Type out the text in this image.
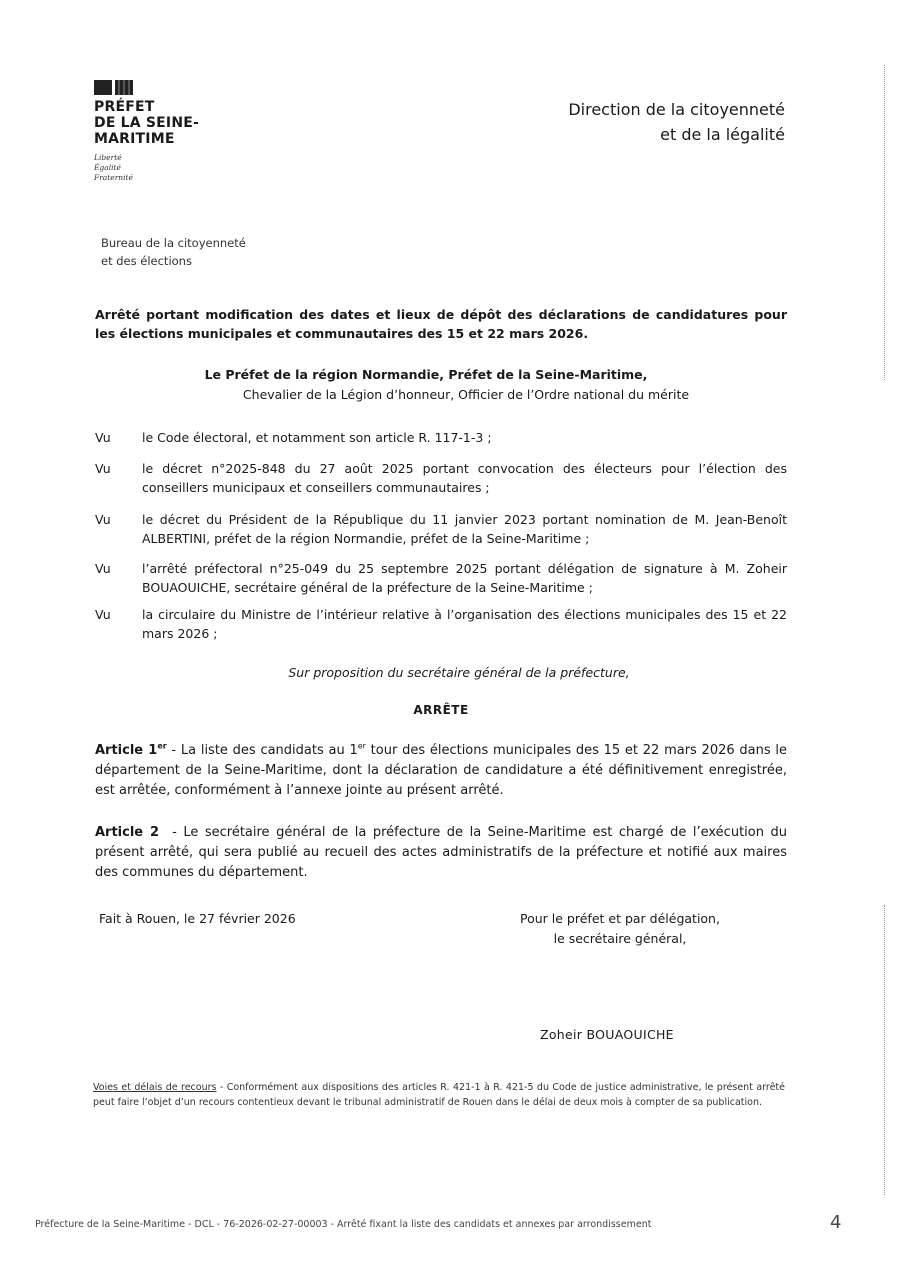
PRÉFET
DE LA SEINE-
MARITIME
Liberté
Égalité
Fraternité
Direction de la citoyenneté
et de la légalité
Bureau de la citoyenneté
et des élections
Arrêté portant modification des dates et lieux de dépôt des déclarations de candidatures pour les élections municipales et communautaires des 15 et 22 mars 2026.
Le Préfet de la région Normandie, Préfet de la Seine-Maritime,
Chevalier de la Légion d’honneur, Officier de l’Ordre national du mérite
Vu	le Code électoral, et notamment son article R. 117-1-3 ;
Vu	le décret n°2025-848 du 27 août 2025 portant convocation des électeurs pour l’élection des conseillers municipaux et conseillers communautaires ;
Vu	le décret du Président de la République du 11 janvier 2023 portant nomination de M. Jean-Benoît ALBERTINI, préfet de la région Normandie, préfet de la Seine-Maritime ;
Vu	l’arrêté préfectoral n°25-049 du 25 septembre 2025 portant délégation de signature à M. Zoheir BOUAOUICHE, secrétaire général de la préfecture de la Seine-Maritime ;
Vu	la circulaire du Ministre de l’intérieur relative à l’organisation des élections municipales des 15 et 22 mars 2026 ;
Sur proposition du secrétaire général de la préfecture,
ARRÊTE
Article 1er - La liste des candidats au 1er tour des élections municipales des 15 et 22 mars 2026 dans le département de la Seine-Maritime, dont la déclaration de candidature a été définitivement enregistrée, est arrêtée, conformément à l’annexe jointe au présent arrêté.
Article 2  - Le secrétaire général de la préfecture de la Seine-Maritime est chargé de l’exécution du présent arrêté, qui sera publié au recueil des actes administratifs de la préfecture et notifié aux maires des communes du département.
Fait à Rouen, le 27 février 2026	Pour le préfet et par délégation,
le secrétaire général,
Zoheir BOUAOUICHE
Voies et délais de recours - Conformément aux dispositions des articles R. 421-1 à R. 421-5 du Code de justice administrative, le présent arrêté peut faire l’objet d’un recours contentieux devant le tribunal administratif de Rouen dans le délai de deux mois à compter de sa publication.
Préfecture de la Seine-Maritime - DCL - 76-2026-02-27-00003 - Arrêté fixant la liste des candidats et annexes par arrondissement	4
